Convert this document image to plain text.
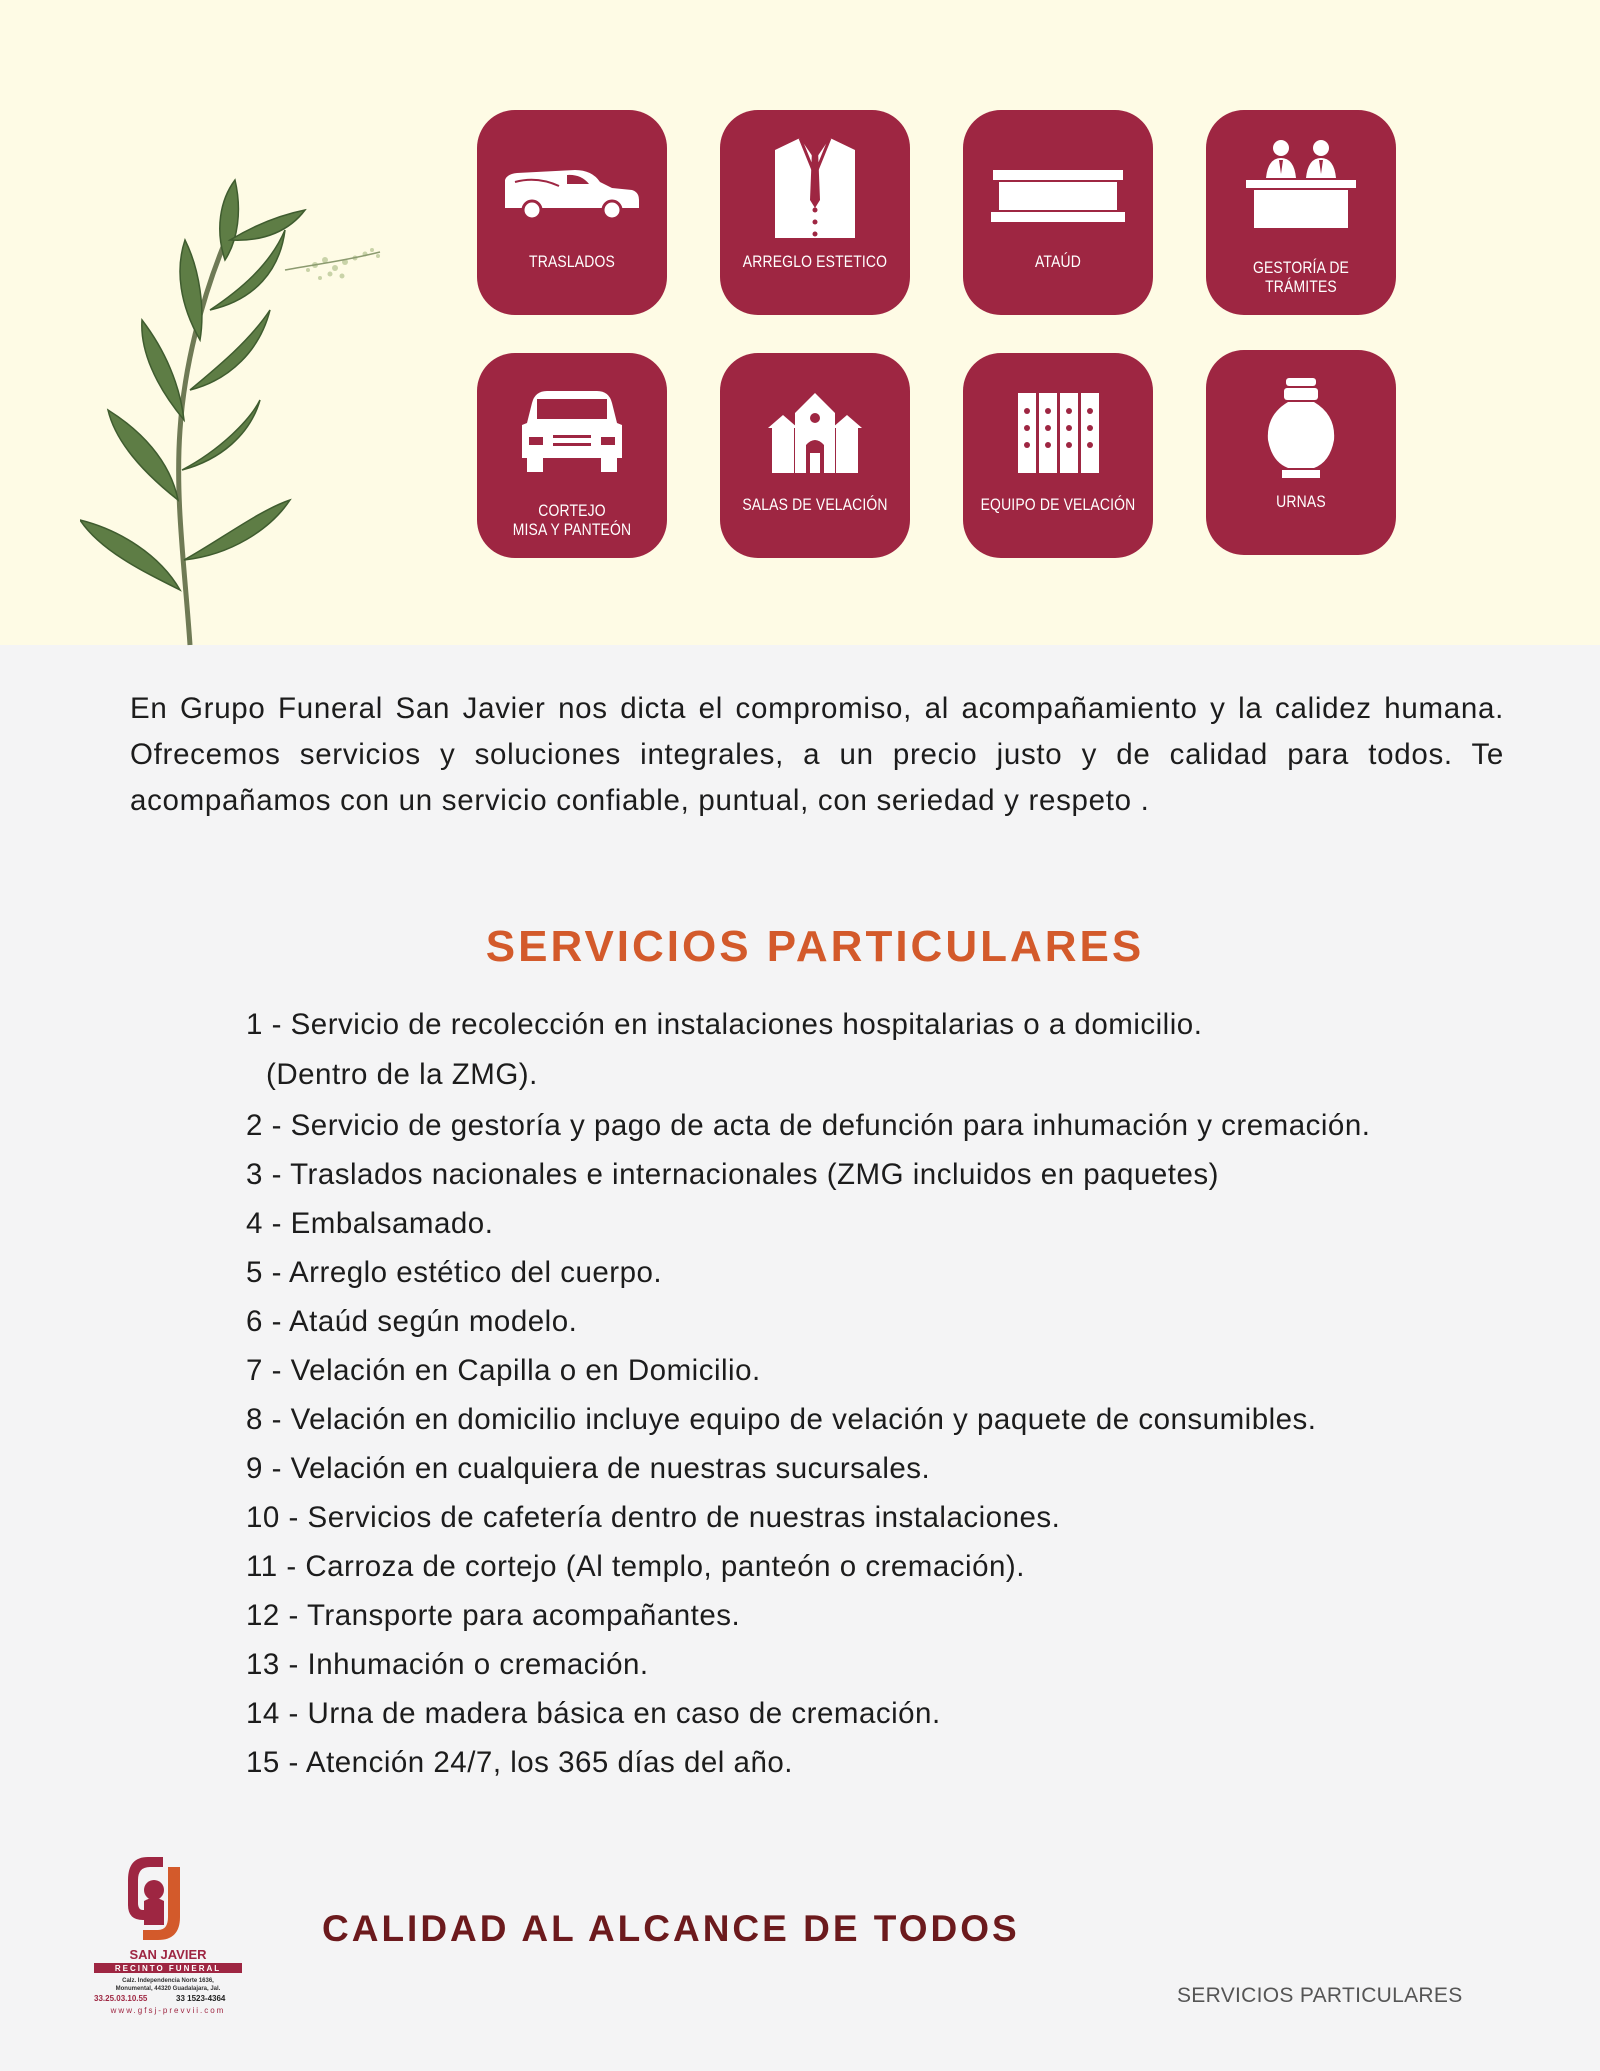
TRASLADOS	ARREGLO ESTETICO	ATAÚD	GESTORÍA DE
TRÁMITES
CORTEJO
MISA Y PANTEÓN
SALAS DE VELACIÓN	EQUIPO DE VELACIÓN	URNAS
En Grupo Funeral San Javier nos dicta el compromiso, al acompañamiento y la calidez humana. Ofrecemos servicios y soluciones integrales, a un precio justo y de calidad para todos. Te acompañamos con un servicio confiable, puntual, con seriedad y respeto .
SERVICIOS PARTICULARES
1 - Servicio de recolección en instalaciones hospitalarias o a domicilio.
(Dentro de la ZMG).
2 - Servicio de gestoría y pago de acta de defunción para inhumación y cremación.
3 - Traslados nacionales e internacionales (ZMG incluidos en paquetes)
4 - Embalsamado.
5 - Arreglo estético del cuerpo.
6 - Ataúd según modelo.
7 - Velación en Capilla o en Domicilio.
8 - Velación en domicilio incluye equipo de velación y paquete de consumibles.
9 - Velación en cualquiera de nuestras sucursales.
10 - Servicios de cafetería dentro de nuestras instalaciones.
11 - Carroza de cortejo (Al templo, panteón o cremación).
12 - Transporte para acompañantes.
13 - Inhumación o cremación.
14 - Urna de madera básica en caso de cremación.
15 - Atención 24/7, los 365 días del año.
SAN JAVIER
RECINTO FUNERAL
Calz. Independencia Norte 1636,
Monumental, 44320 Guadalajara, Jal.
33.25.03.10.55	33 1523-4364
www.gfsj-prevvii.com
CALIDAD AL ALCANCE DE TODOS
SERVICIOS PARTICULARES
